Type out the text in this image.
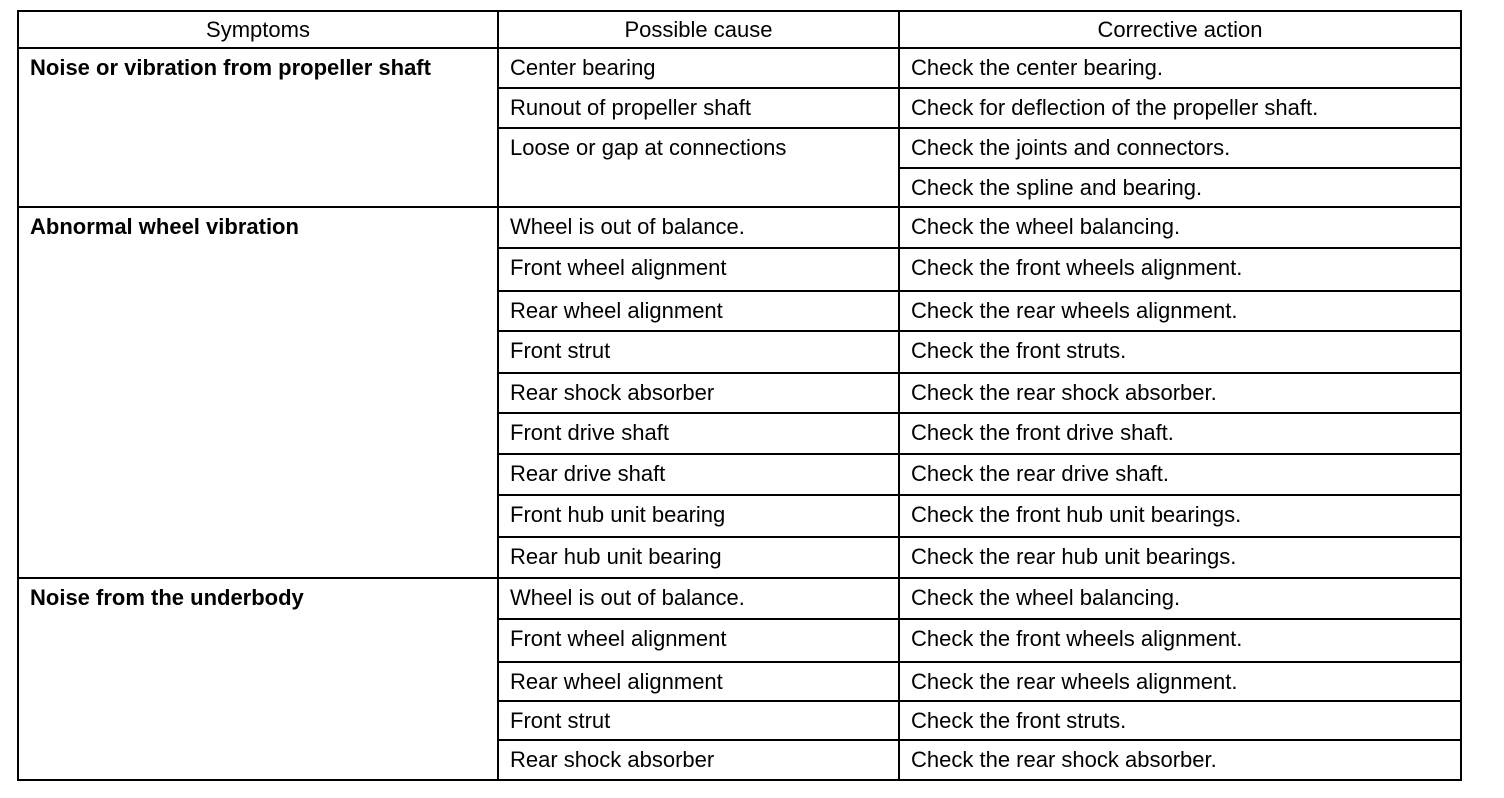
Symptoms	Possible cause	Corrective action
Noise or vibration from propeller shaft	Center bearing	Check the center bearing.
	Runout of propeller shaft	Check for deflection of the propeller shaft.
	Loose or gap at connections	Check the joints and connectors.
		Check the spline and bearing.
Abnormal wheel vibration	Wheel is out of balance.	Check the wheel balancing.
	Front wheel alignment	Check the front wheels alignment.
	Rear wheel alignment	Check the rear wheels alignment.
	Front strut	Check the front struts.
	Rear shock absorber	Check the rear shock absorber.
	Front drive shaft	Check the front drive shaft.
	Rear drive shaft	Check the rear drive shaft.
	Front hub unit bearing	Check the front hub unit bearings.
	Rear hub unit bearing	Check the rear hub unit bearings.
Noise from the underbody	Wheel is out of balance.	Check the wheel balancing.
	Front wheel alignment	Check the front wheels alignment.
	Rear wheel alignment	Check the rear wheels alignment.
	Front strut	Check the front struts.
	Rear shock absorber	Check the rear shock absorber.
